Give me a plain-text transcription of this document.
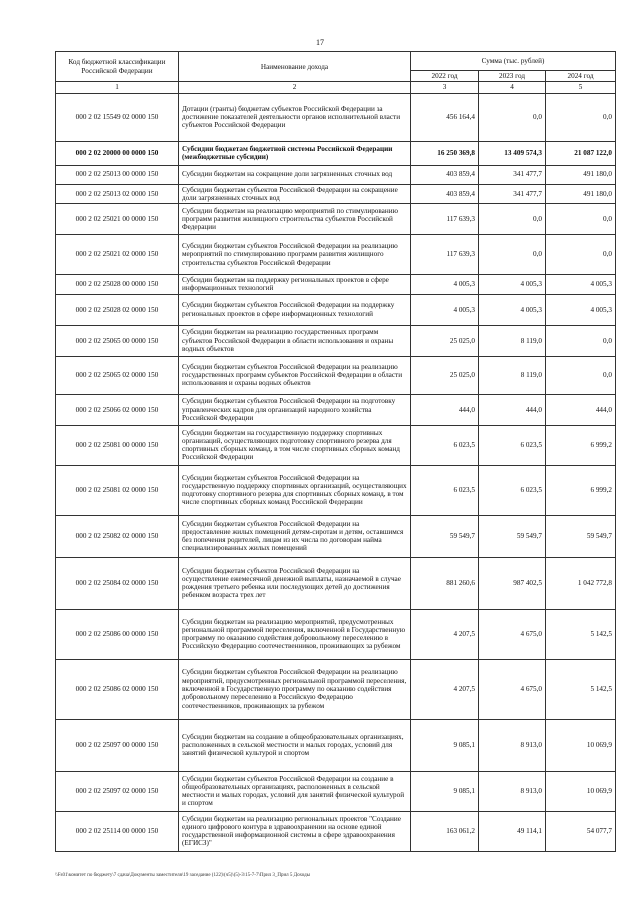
17
Код бюджетной классификации Российской Федерации	Наименование дохода	Сумма (тыс. рублей)		
		2022 год	2023 год	2024 год
1	2	3	4	5
000 2 02 15549 02 0000 150	Дотации (гранты) бюджетам субъектов Российской Федерации за достижение показателей деятельности органов исполнительной власти субъектов Российской Федерации	456 164,4	0,0	0,0
000 2 02 20000 00 0000 150	Субсидии бюджетам бюджетной системы Российской Федерации (межбюджетные субсидии)	16 250 369,8	13 409 574,3	21 087 122,0
000 2 02 25013 00 0000 150	Субсидии бюджетам на сокращение доли загрязненных сточных вод	403 859,4	341 477,7	491 180,0
000 2 02 25013 02 0000 150	Субсидии бюджетам субъектов Российской Федерации на сокращение доли загрязненных сточных вод	403 859,4	341 477,7	491 180,0
000 2 02 25021 00 0000 150	Субсидии бюджетам на реализацию мероприятий по стимулированию программ развития жилищного строительства субъектов Российской Федерации	117 639,3	0,0	0,0
000 2 02 25021 02 0000 150	Субсидии бюджетам субъектов Российской Федерации на реализацию мероприятий по стимулированию программ развития жилищного строительства субъектов Российской Федерации	117 639,3	0,0	0,0
000 2 02 25028 00 0000 150	Субсидии бюджетам на поддержку региональных проектов в сфере информационных технологий	4 005,3	4 005,3	4 005,3
000 2 02 25028 02 0000 150	Субсидии бюджетам субъектов Российской Федерации на поддержку региональных проектов в сфере информационных технологий	4 005,3	4 005,3	4 005,3
000 2 02 25065 00 0000 150	Субсидии бюджетам на реализацию государственных программ субъектов Российской Федерации в области использования и охраны водных объектов	25 025,0	8 119,0	0,0
000 2 02 25065 02 0000 150	Субсидии бюджетам субъектов Российской Федерации на реализацию государственных программ субъектов Российской Федерации в области использования и охраны водных объектов	25 025,0	8 119,0	0,0
000 2 02 25066 02 0000 150	Субсидии бюджетам субъектов Российской Федерации на подготовку управленческих кадров для организаций народного хозяйства Российской Федерации	444,0	444,0	444,0
000 2 02 25081 00 0000 150	Субсидии бюджетам на государственную поддержку спортивных организаций, осуществляющих подготовку спортивного резерва для спортивных сборных команд, в том числе спортивных сборных команд Российской Федерации	6 023,5	6 023,5	6 999,2
000 2 02 25081 02 0000 150	Субсидии бюджетам субъектов Российской Федерации на государственную поддержку спортивных организаций, осуществляющих подготовку спортивного резерва для спортивных сборных команд, в том числе спортивных сборных команд Российской Федерации	6 023,5	6 023,5	6 999,2
000 2 02 25082 02 0000 150	Субсидии бюджетам субъектов Российской Федерации на предоставление жилых помещений детям-сиротам и детям, оставшимся без попечения родителей, лицам из их числа по договорам найма специализированных жилых помещений	59 549,7	59 549,7	59 549,7
000 2 02 25084 02 0000 150	Субсидии бюджетам субъектов Российской Федерации на осуществление ежемесячной денежной выплаты, назначаемой в случае рождения третьего ребенка или последующих детей до достижения ребенком возраста трех лет	881 260,6	987 402,5	1 042 772,8
000 2 02 25086 00 0000 150	Субсидии бюджетам на реализацию мероприятий, предусмотренных региональной программой переселения, включенной в Государственную программу по оказанию содействия добровольному переселению в Российскую Федерацию соотечественников, проживающих за рубежом	4 207,5	4 675,0	5 142,5
000 2 02 25086 02 0000 150	Субсидии бюджетам субъектов Российской Федерации на реализацию мероприятий, предусмотренных региональной программой переселения, включенной в Государственную программу по оказанию содействия добровольному переселению в Российскую Федерацию соотечественников, проживающих за рубежом	4 207,5	4 675,0	5 142,5
000 2 02 25097 00 0000 150	Субсидии бюджетам на создание в общеобразовательных организациях, расположенных в сельской местности и малых городах, условий для занятий физической культурой и спортом	9 085,1	8 913,0	10 069,9
000 2 02 25097 02 0000 150	Субсидии бюджетам субъектов Российской Федерации на создание в общеобразовательных организациях, расположенных в сельской местности и малых городах, условий для занятий физической культурой и спортом	9 085,1	8 913,0	10 069,9
000 2 02 25114 00 0000 150	Субсидии бюджетам на реализацию региональных проектов "Создание единого цифрового контура в здравоохранении на основе единой государственной информационной системы в сфере здравоохранения (ЕГИСЗ)"	163 061,2	49 114,1	54 077,7
\\Fs01\комитет по бюджету\7 сдача\Документы заместителя\19 заседание (122)\(ч5)\(5)-3\15-7-7\Прил 3_Прил 5 Доходы
